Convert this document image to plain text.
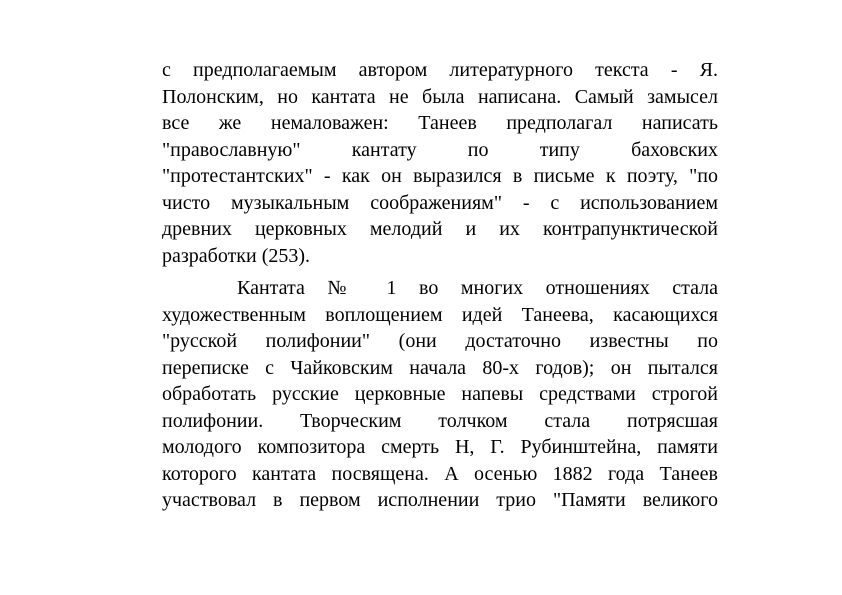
с предполагаемым автором литературного текста - Я.
Полонским, но кантата не была написана. Самый замысел
все же немаловажен: Танеев предполагал написать
"православную" кантату по типу баховских
"протестантских" - как он выразился в письме к поэту, "по
чисто музыкальным соображениям" - с использованием
древних церковных мелодий и их контрапунктической
разработки (253).
Кантата № 1 во многих отношениях стала
художественным воплощением идей Танеева, касающихся
"русской полифонии" (они достаточно известны по
переписке с Чайковским начала 80-х годов); он пытался
обработать русские церковные напевы средствами строгой
полифонии. Творческим толчком стала потрясшая
молодого композитора смерть Н, Г. Рубинштейна, памяти
которого кантата посвящена. А осенью 1882 года Танеев
участвовал в первом исполнении трио "Памяти великого
